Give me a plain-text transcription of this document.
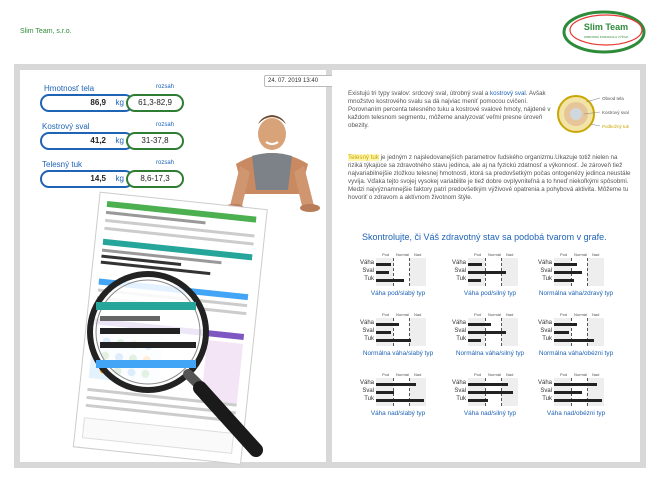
Slim Team, s.r.o.	Slim Team
ODBORNÁ PORADNA A VÝŽIVA
24. 07. 2019 13:40
Hmotnosť tela	rozsah
86,9 kg	61,3-82,9
Kostrový sval	rozsah
41,2 kg	31-37,8
Telesný tuk	rozsah
14,5 kg	8,6-17,3
Existujú tri typy svalov: srdcový sval, útrobný sval a kostrový sval. Avšak množstvo kostrového svalu sa dá najviac meniť pomocou cvičení. Porovnaním percenta telesného tuku a kostrové svalové hmoty, nájdené v každom telesnom segmentu, môžeme analyzovať veľmi presne úroveň obezity.
Obvod tela
Kostrový sval
Podkožný tuk
Telesný tuk je jedným z najsledovanejších parametrov ľudského organizmu.Ukazuje totiž nielen na riziká týkajúce sa zdravotného stavu jedinca, ale aj na fyzickú zdatnosť a výkonnosť. Je zároveň tiež najvariabilnejšie zložkou telesnej hmotnosti, ktorá sa predovšetkým počas ontogenézy jedinca neustále vyvíja. Vďaka tejto svojej vysokej variabilite je tiež dobre ovplyvniteľná a to hneď niekoľkými spôsobmi. Medzi najvýznamnejšie faktory patrí predovšetkým výživové opatrenia a pohybová aktivita. Môžeme tu hovoriť o zdravom a aktívnom životnom štýle.
Skontrolujte, či Váš zdravotný stav sa podobá tvarom v grafe.
Pod Normál Nad
Váha
Sval
Tuk
Váha pod/slabý typ
Pod Normál Nad
Váha
Sval
Tuk
Váha pod/silný typ
Pod Normál Nad
Váha
Sval
Tuk
Normálna váha/zdravý typ
Pod Normál Nad
Váha
Sval
Tuk
Normálna váha/slabý typ
Pod Normál Nad
Váha
Sval
Tuk
Normálna váha/silný typ
Pod Normál Nad
Váha
Sval
Tuk
Normálna váha/obézni typ
Pod Normál Nad
Váha
Sval
Tuk
Váha nad/slabý typ
Pod Normál Nad
Váha
Sval
Tuk
Váha nad/silný typ
Pod Normál Nad
Váha
Sval
Tuk
Váha nad/obézni typ
